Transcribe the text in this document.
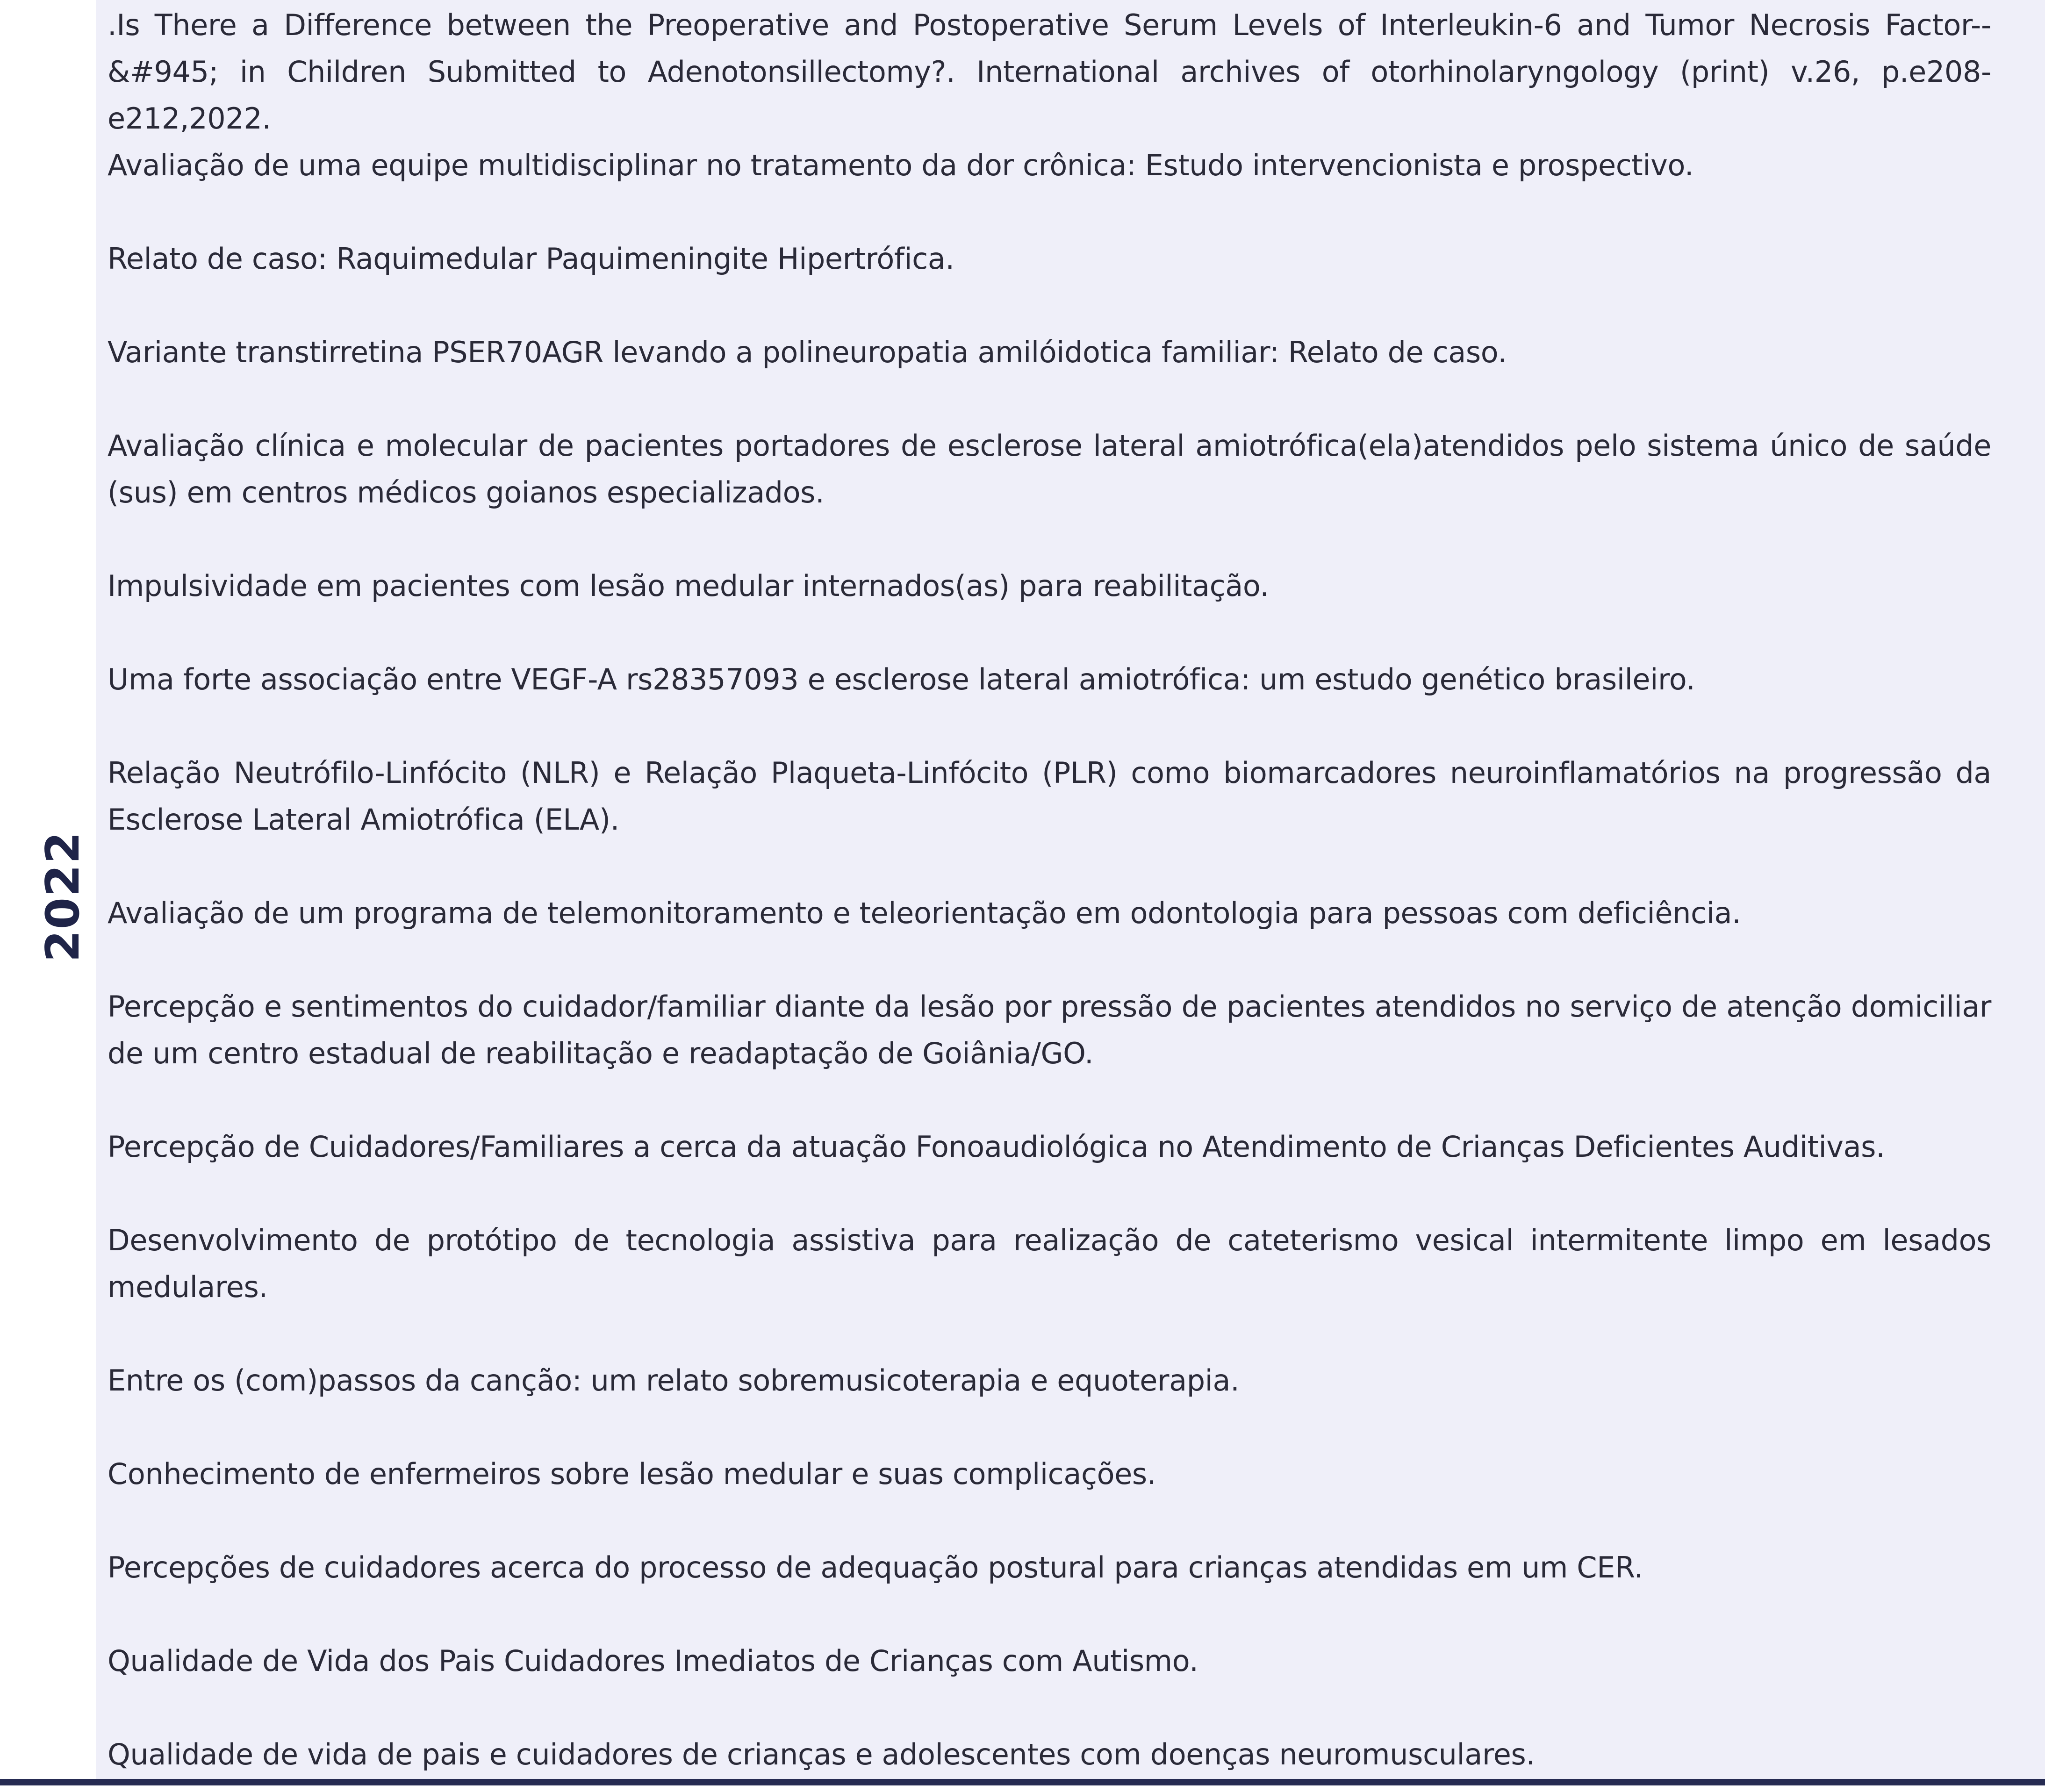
2022

.Is There a Difference between the Preoperative and Postoperative Serum Levels of Interleukin-6 and Tumor Necrosis Factor--&#945; in Children Submitted to Adenotonsillectomy?. International archives of otorhinolaryngology (print) v.26, p.e208-e212,2022.

Avaliação de uma equipe multidisciplinar no tratamento da dor crônica: Estudo intervencionista e prospectivo.

Relato de caso: Raquimedular Paquimeningite Hipertrófica.

Variante transtirretina PSER70AGR levando a polineuropatia amilóidotica familiar: Relato de caso.

Avaliação clínica e molecular de pacientes portadores de esclerose lateral amiotrófica(ela)atendidos pelo sistema único de saúde (sus) em centros médicos goianos especializados.

Impulsividade em pacientes com lesão medular internados(as) para reabilitação.

Uma forte associação entre VEGF-A rs28357093 e esclerose lateral amiotrófica: um estudo genético brasileiro.

Relação Neutrófilo-Linfócito (NLR) e Relação Plaqueta-Linfócito (PLR) como biomarcadores neuroinflamatórios na progressão da Esclerose Lateral Amiotrófica (ELA).

Avaliação de um programa de telemonitoramento e teleorientação em odontologia para pessoas com deficiência.

Percepção e sentimentos do cuidador/familiar diante da lesão por pressão de pacientes atendidos no serviço de atenção domiciliar de um centro estadual de reabilitação e readaptação de Goiânia/GO.

Percepção de Cuidadores/Familiares a cerca da atuação Fonoaudiológica no Atendimento de Crianças Deficientes Auditivas.

Desenvolvimento de protótipo de tecnologia assistiva para realização de cateterismo vesical intermitente limpo em lesados medulares.

Entre os (com)passos da canção: um relato sobremusicoterapia e equoterapia.

Conhecimento de enfermeiros sobre lesão medular e suas complicações.

Percepções de cuidadores acerca do processo de adequação postural para crianças atendidas em um CER.

Qualidade de Vida dos Pais Cuidadores Imediatos de Crianças com Autismo.

Qualidade de vida de pais e cuidadores de crianças e adolescentes com doenças neuromusculares.
